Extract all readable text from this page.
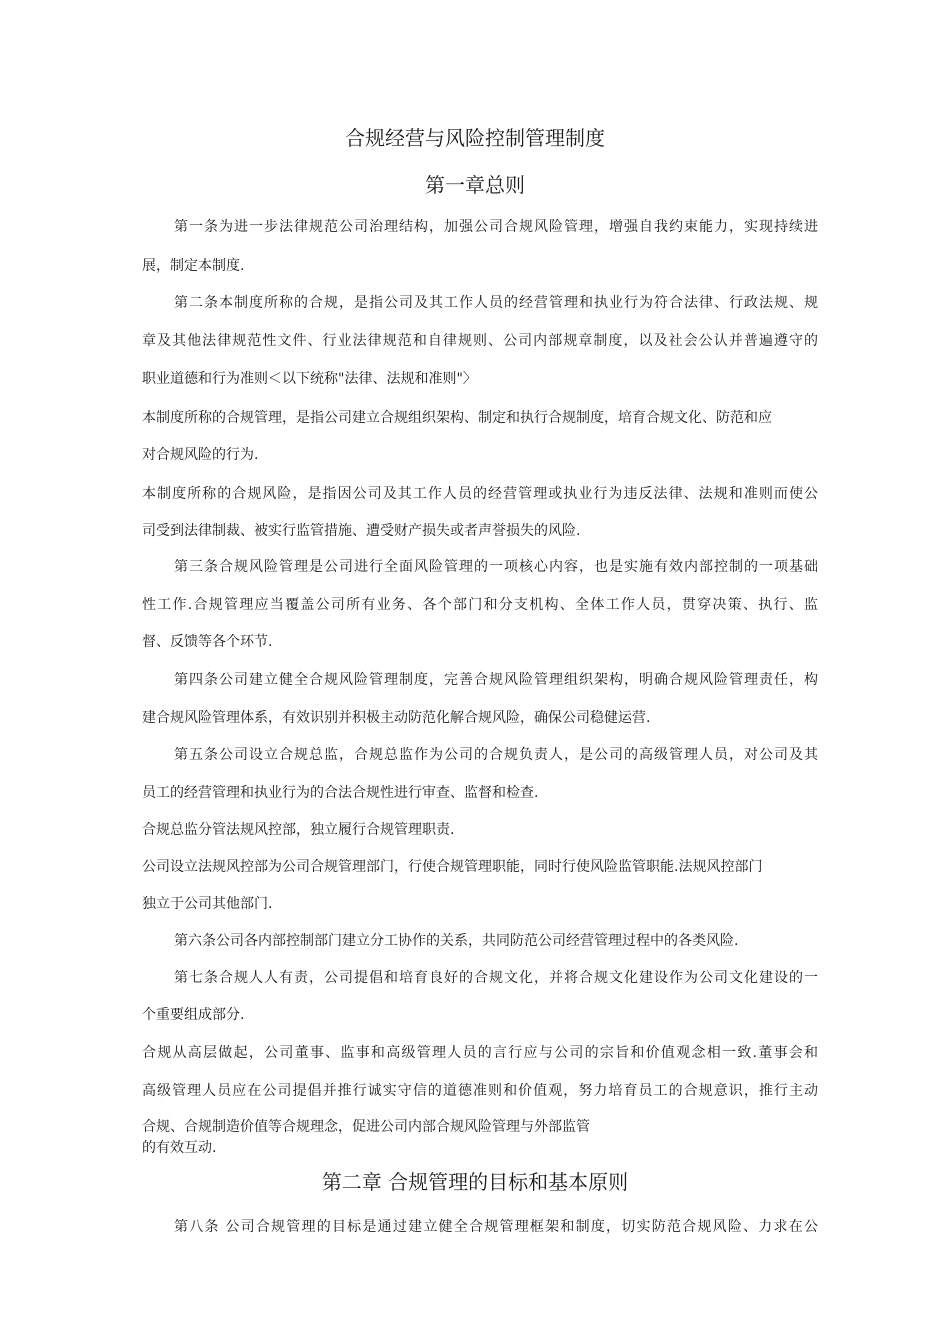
合规经营与风险控制管理制度
第一章总则
第一条为进一步法律规范公司治理结构，加强公司合规风险管理，增强自我约束能力，实现持续进
展，制定本制度.
第二条本制度所称的合规，是指公司及其工作人员的经营管理和执业行为符合法律、行政法规、规
章及其他法律规范性文件、行业法律规范和自律规则、公司内部规章制度，以及社会公认并普遍遵守的
职业道德和行为准则＜以下统称"法律、法规和准则"〉
本制度所称的合规管理，是指公司建立合规组织架构、制定和执行合规制度，培育合规文化、防范和应
对合规风险的行为.
本制度所称的合规风险，是指因公司及其工作人员的经营管理或执业行为违反法律、法规和准则而使公
司受到法律制裁、被实行监管措施、遭受财产损失或者声誉损失的风险.
第三条合规风险管理是公司进行全面风险管理的一项核心内容，也是实施有效内部控制的一项基础
性工作.合规管理应当覆盖公司所有业务、各个部门和分支机构、全体工作人员，贯穿决策、执行、监
督、反馈等各个环节.
第四条公司建立健全合规风险管理制度，完善合规风险管理组织架构，明确合规风险管理责任，构
建合规风险管理体系，有效识别并积极主动防范化解合规风险，确保公司稳健运营.
第五条公司设立合规总监，合规总监作为公司的合规负责人，是公司的高级管理人员，对公司及其
员工的经营管理和执业行为的合法合规性进行审查、监督和检查.
合规总监分管法规风控部，独立履行合规管理职责.
公司设立法规风控部为公司合规管理部门，行使合规管理职能，同时行使风险监管职能.法规风控部门
独立于公司其他部门.
第六条公司各内部控制部门建立分工协作的关系，共同防范公司经营管理过程中的各类风险.
第七条合规人人有责，公司提倡和培育良好的合规文化，并将合规文化建设作为公司文化建设的一
个重要组成部分.
合规从高层做起，公司董事、监事和高级管理人员的言行应与公司的宗旨和价值观念相一致.董事会和
高级管理人员应在公司提倡并推行诚实守信的道德准则和价值观，努力培育员工的合规意识，推行主动
合规、合规制造价值等合规理念，促进公司内部合规风险管理与外部监管
的有效互动.
第二章 合规管理的目标和基本原则
第八条 公司合规管理的目标是通过建立健全合规管理框架和制度，切实防范合规风险、力求在公
